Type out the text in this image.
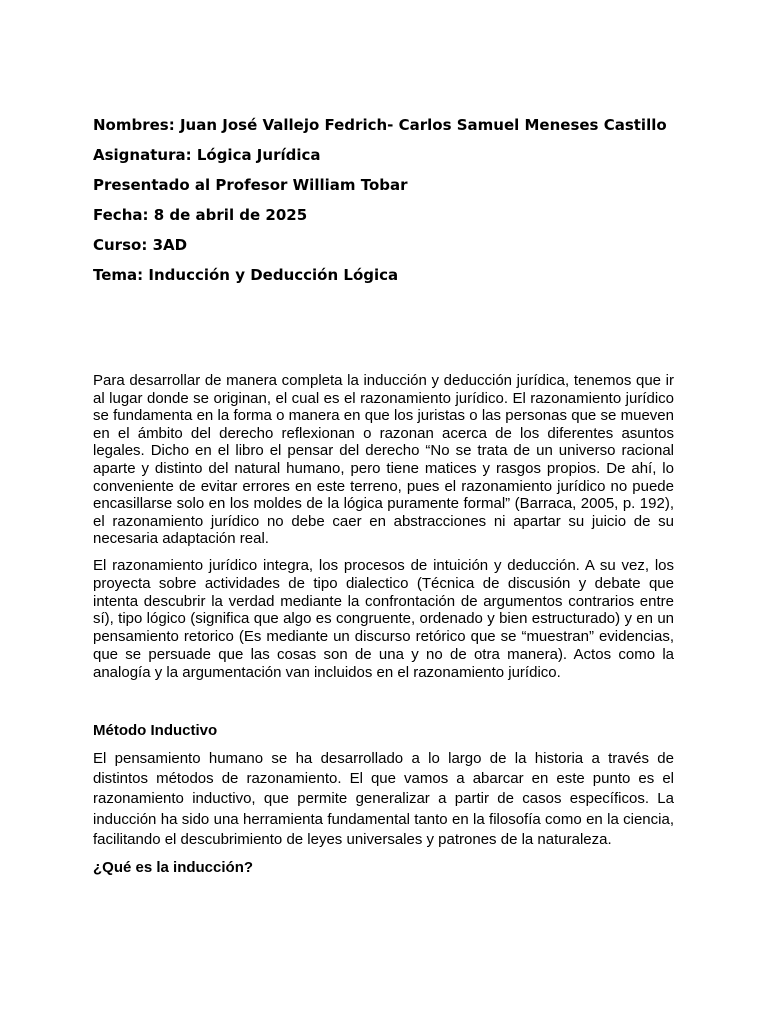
Nombres: Juan José Vallejo Fedrich- Carlos Samuel Meneses Castillo

Asignatura: Lógica Jurídica

Presentado al Profesor William Tobar

Fecha: 8 de abril de 2025

Curso: 3AD

Tema: Inducción y Deducción Lógica

Para desarrollar de manera completa la inducción y deducción jurídica, tenemos que ir al lugar donde se originan, el cual es el razonamiento jurídico. El razonamiento jurídico se fundamenta en la forma o manera en que los juristas o las personas que se mueven en el ámbito del derecho reflexionan o razonan acerca de los diferentes asuntos legales. Dicho en el libro el pensar del derecho “No se trata de un universo racional aparte y distinto del natural humano, pero tiene matices y rasgos propios. De ahí, lo conveniente de evitar errores en este terreno, pues el razonamiento jurídico no puede encasillarse solo en los moldes de la lógica puramente formal” (Barraca, 2005, p. 192), el razonamiento jurídico no debe caer en abstracciones ni apartar su juicio de su necesaria adaptación real.

El razonamiento jurídico integra, los procesos de intuición y deducción. A su vez, los proyecta sobre actividades de tipo dialectico (Técnica de discusión y debate que intenta descubrir la verdad mediante la confrontación de argumentos contrarios entre sí), tipo lógico (significa que algo es congruente, ordenado y bien estructurado) y en un pensamiento retorico (Es mediante un discurso retórico que se “muestran” evidencias, que se persuade que las cosas son de una y no de otra manera). Actos como la analogía y la argumentación van incluidos en el razonamiento jurídico.

Método Inductivo

El pensamiento humano se ha desarrollado a lo largo de la historia a través de distintos métodos de razonamiento. El que vamos a abarcar en este punto es el razonamiento inductivo, que permite generalizar a partir de casos específicos. La inducción ha sido una herramienta fundamental tanto en la filosofía como en la ciencia, facilitando el descubrimiento de leyes universales y patrones de la naturaleza.

¿Qué es la inducción?
